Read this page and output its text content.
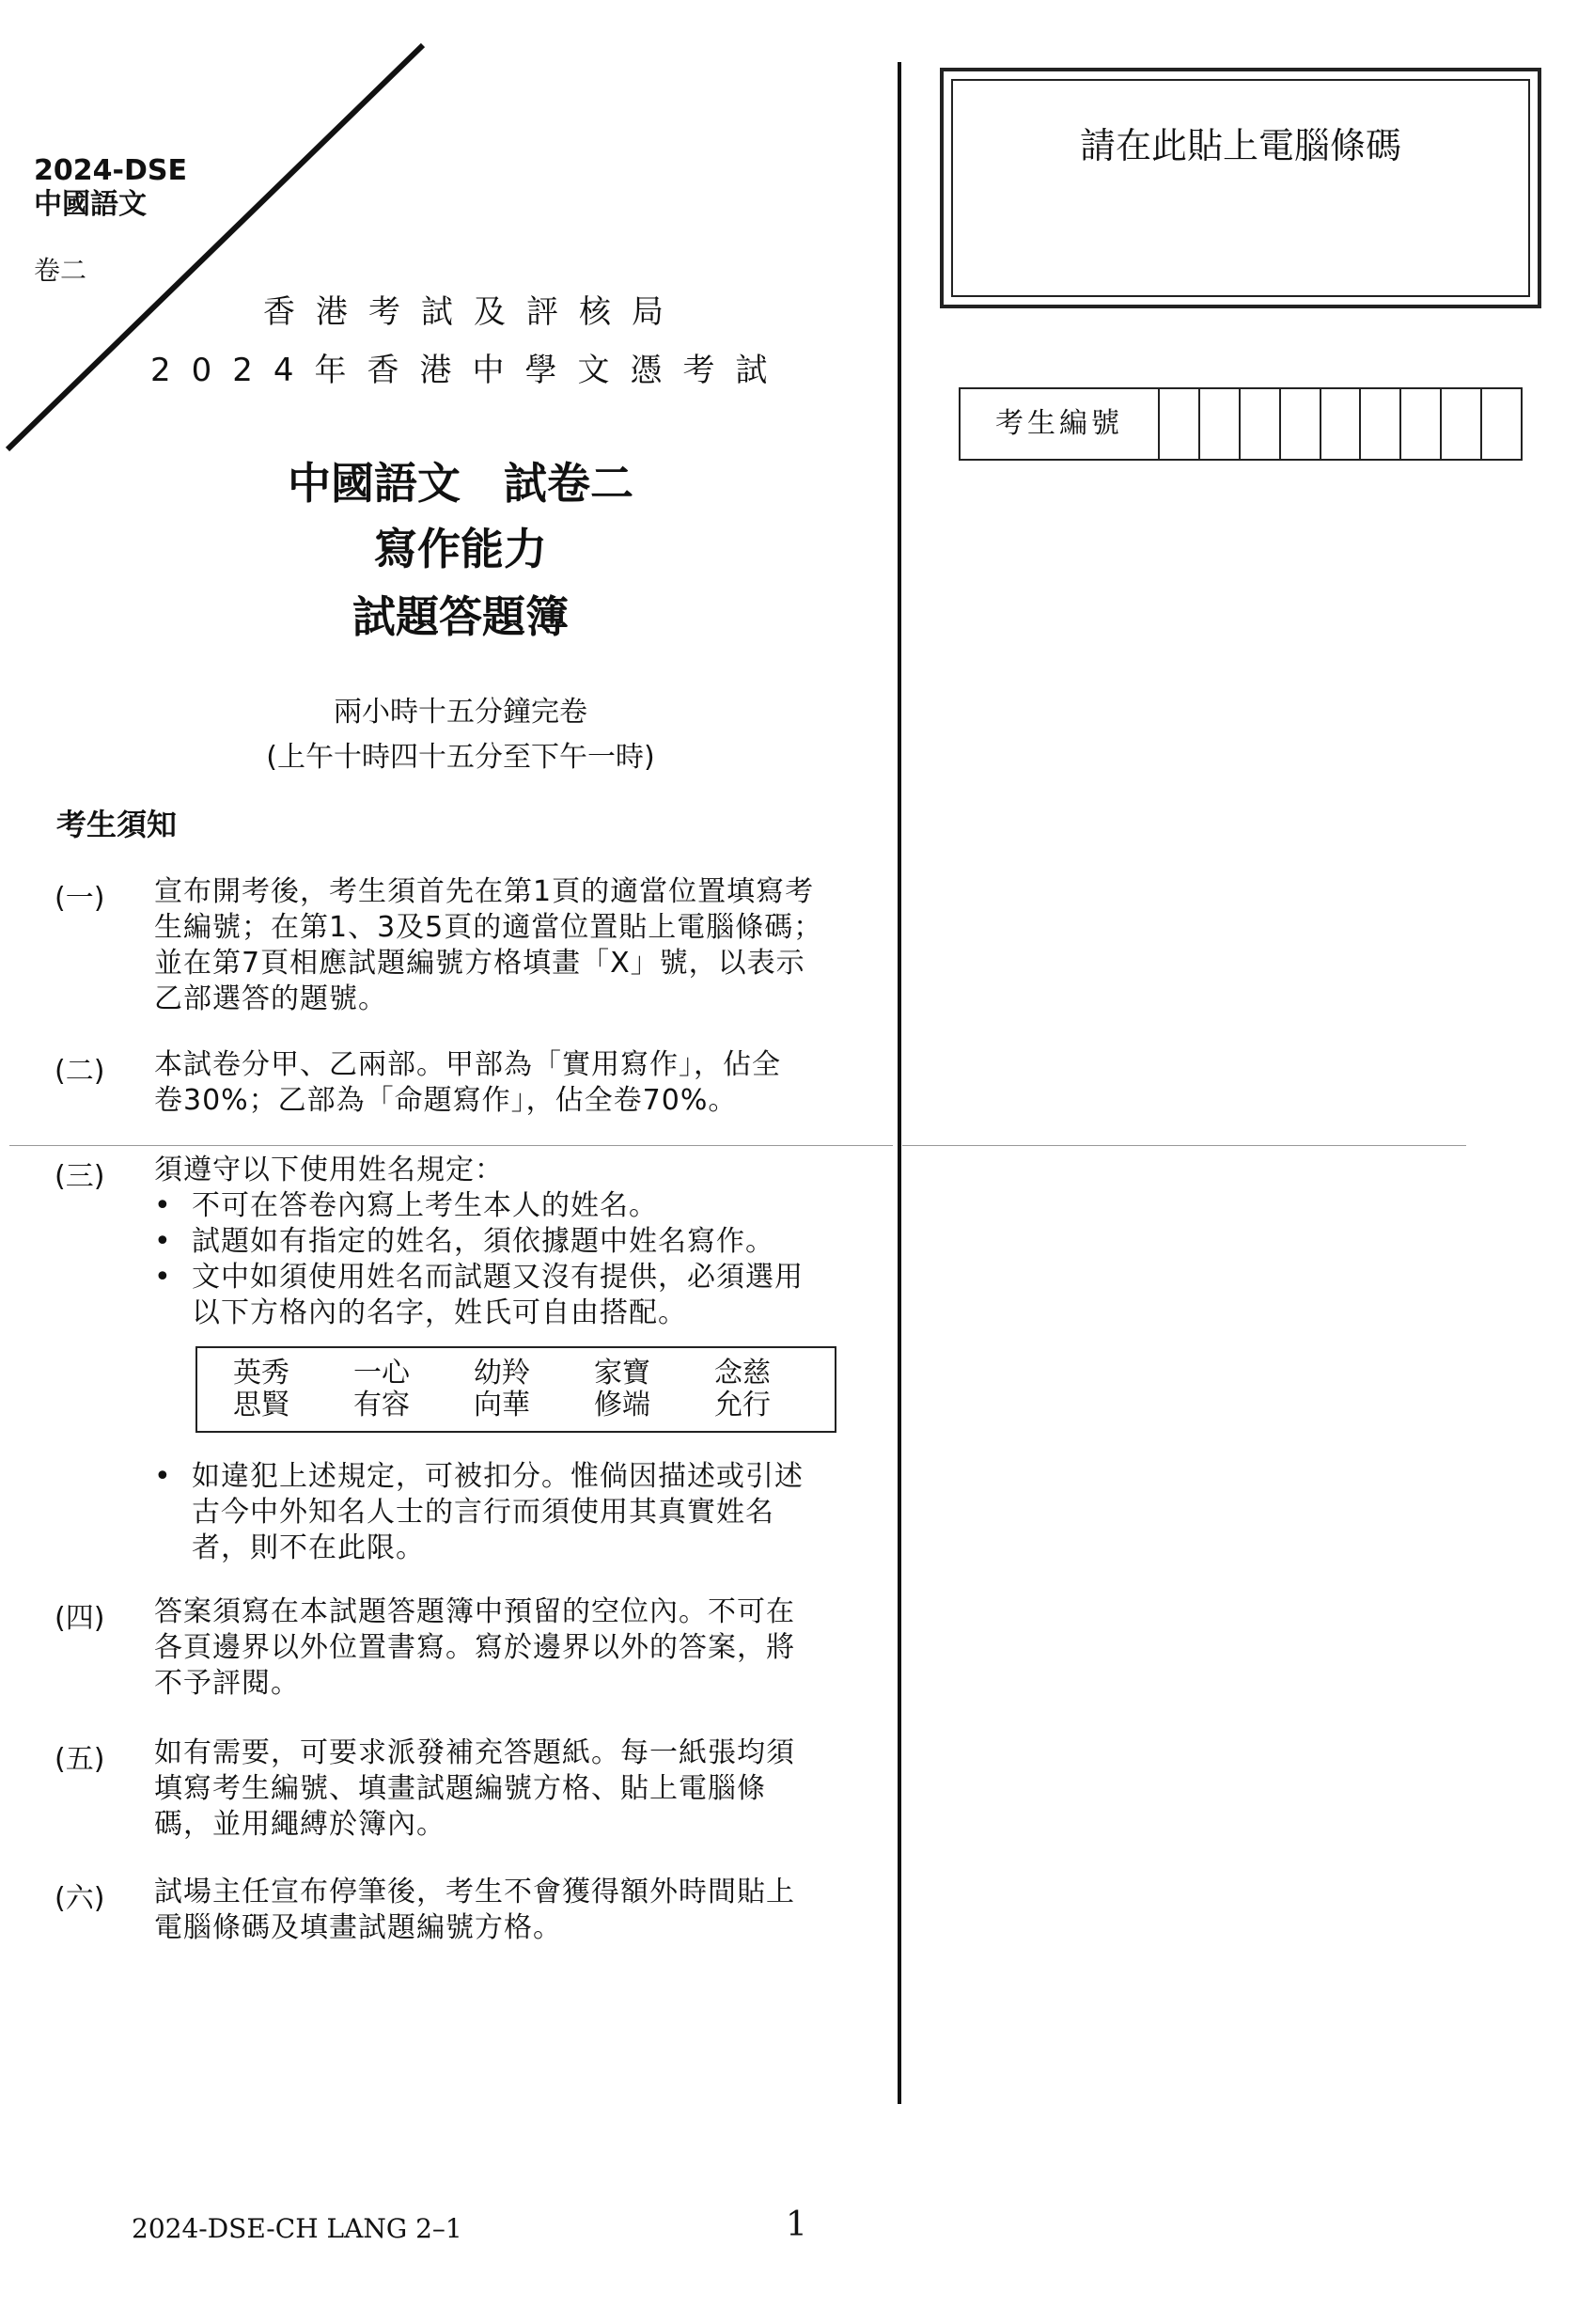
2024-DSE
中國語文
卷二
香港考試及評核局
2024年香港中學文憑考試
中國語文　試卷二
寫作能力
試題答題簿
兩小時十五分鐘完卷
(上午十時四十五分至下午一時)
考生須知
(一)	宣布開考後，考生須首先在第1頁的適當位置填寫考
生編號；在第1、3及5頁的適當位置貼上電腦條碼；
並在第7頁相應試題編號方格填畫「X」號，以表示
乙部選答的題號。
(二)	本試卷分甲、乙兩部。甲部為「實用寫作」，佔全
卷30%；乙部為「命題寫作」，佔全卷70%。
(三)	須遵守以下使用姓名規定：
• 不可在答卷內寫上考生本人的姓名。
• 試題如有指定的姓名，須依據題中姓名寫作。
• 文中如須使用姓名而試題又沒有提供，必須選用
以下方格內的名字，姓氏可自由搭配。
英秀	一心	幼羚	家寶	念慈
思賢	有容	向華	修端	允行
• 如違犯上述規定，可被扣分。惟倘因描述或引述
古今中外知名人士的言行而須使用其真實姓名
者，則不在此限。
(四)	答案須寫在本試題答題簿中預留的空位內。不可在
各頁邊界以外位置書寫。寫於邊界以外的答案，將
不予評閱。
(五)	如有需要，可要求派發補充答題紙。每一紙張均須
填寫考生編號、填畫試題編號方格、貼上電腦條
碼，並用繩縛於簿內。
(六)	試場主任宣布停筆後，考生不會獲得額外時間貼上
電腦條碼及填畫試題編號方格。
請在此貼上電腦條碼
考生編號
2024-DSE-CH LANG 2–1	1
